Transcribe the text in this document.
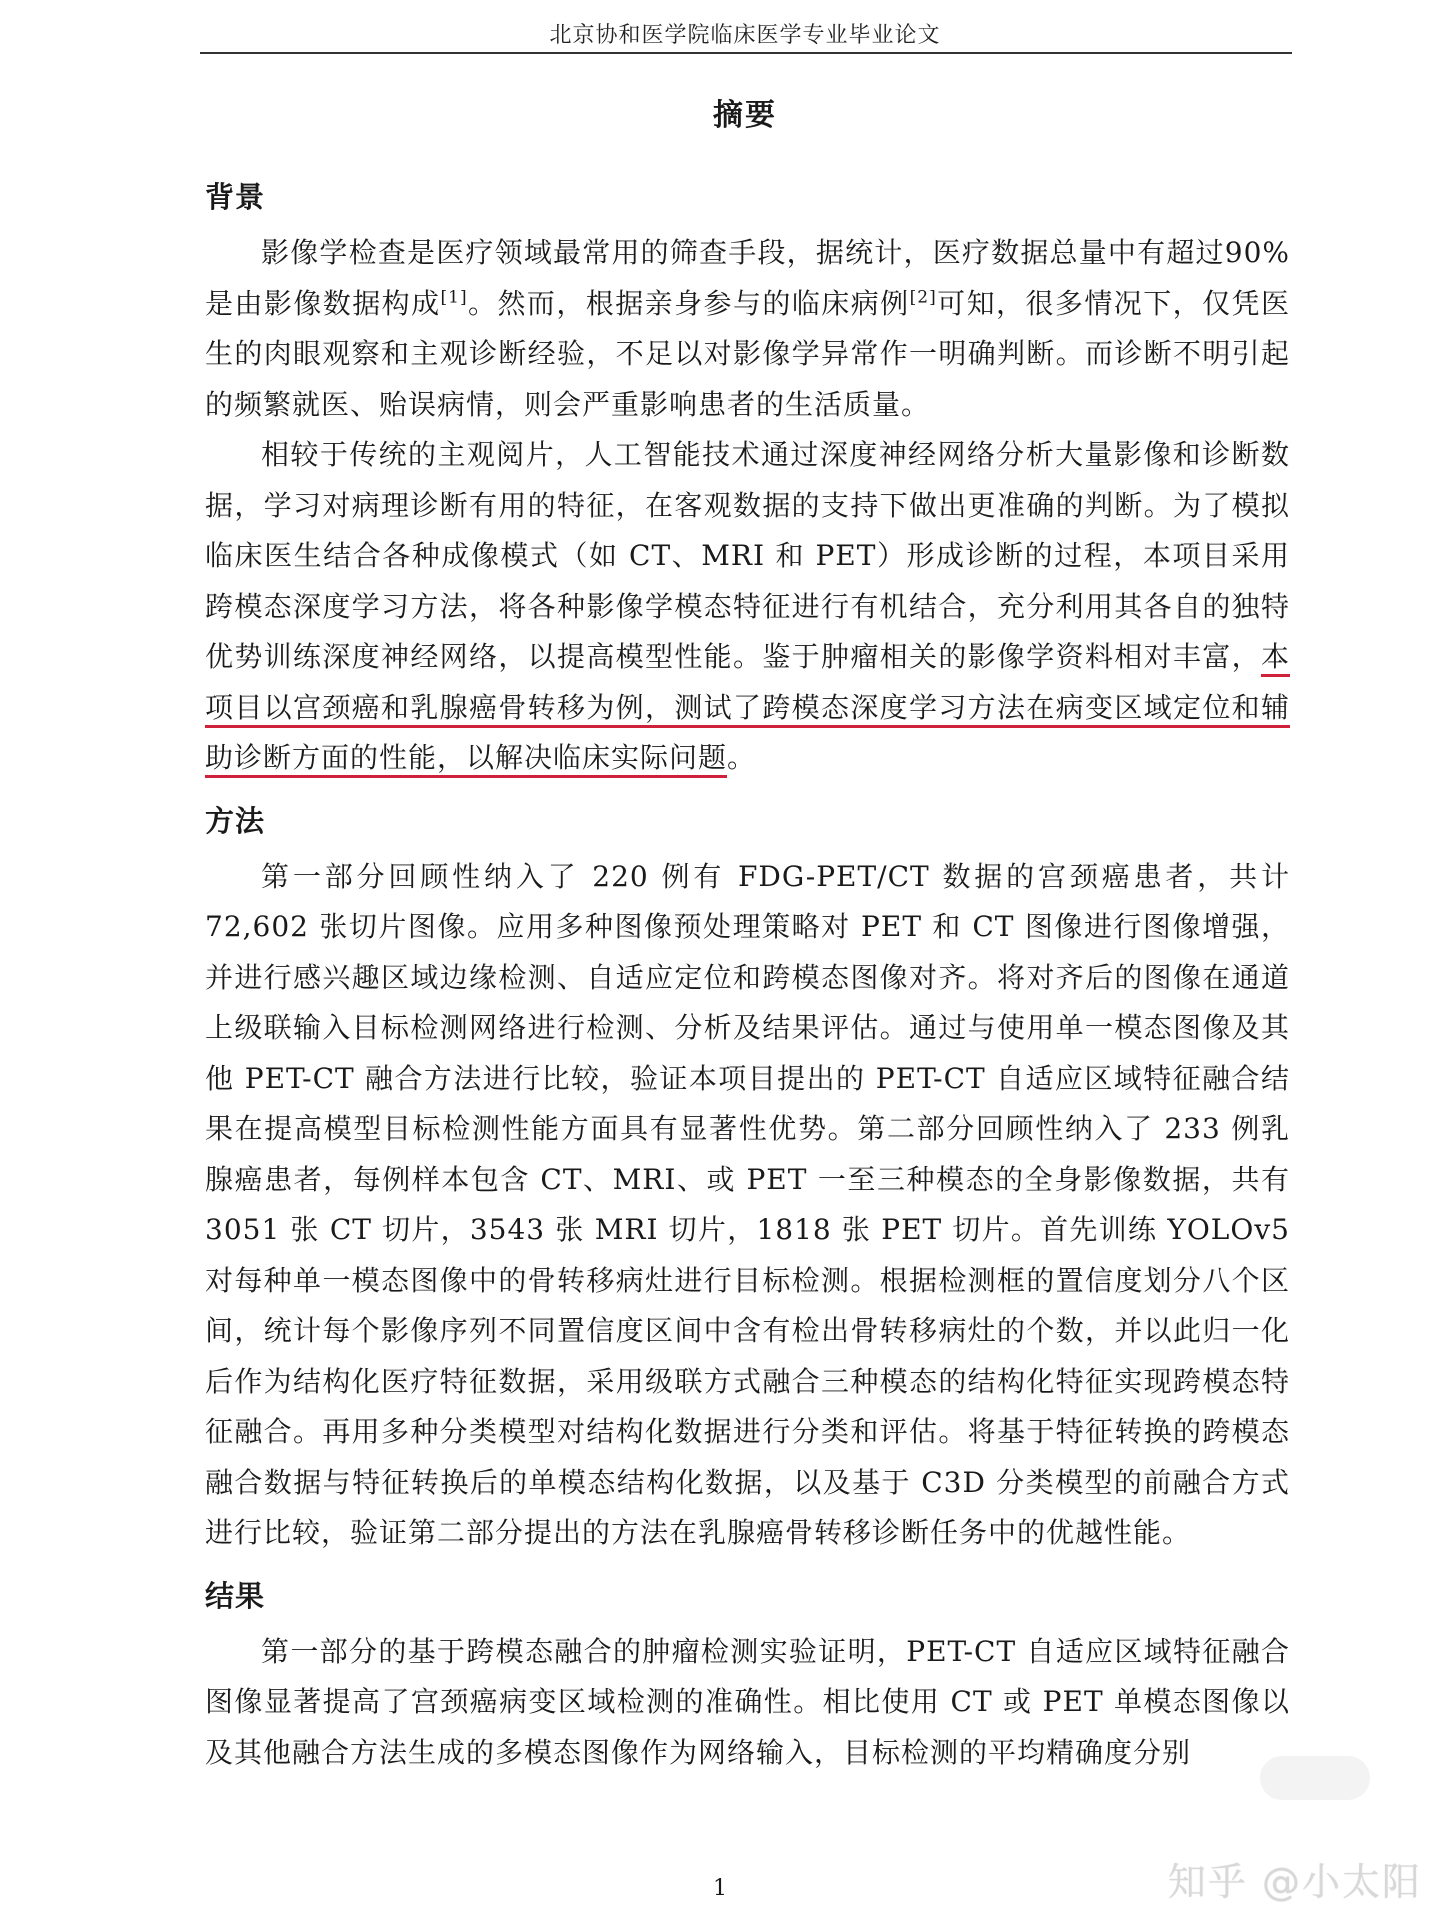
北京协和医学院临床医学专业毕业论文
摘要
背景

影像学检查是医疗领域最常用的筛查手段，据统计，医疗数据总量中有超过90%是由影像数据构成[1]。然而，根据亲身参与的临床病例[2]可知，很多情况下，仅凭医生的肉眼观察和主观诊断经验，不足以对影像学异常作一明确判断。而诊断不明引起的频繁就医、贻误病情，则会严重影响患者的生活质量。

相较于传统的主观阅片，人工智能技术通过深度神经网络分析大量影像和诊断数据，学习对病理诊断有用的特征，在客观数据的支持下做出更准确的判断。为了模拟临床医生结合各种成像模式（如 CT、MRI 和 PET）形成诊断的过程，本项目采用跨模态深度学习方法，将各种影像学模态特征进行有机结合，充分利用其各自的独特优势训练深度神经网络，以提高模型性能。鉴于肿瘤相关的影像学资料相对丰富，本项目以宫颈癌和乳腺癌骨转移为例，测试了跨模态深度学习方法在病变区域定位和辅助诊断方面的性能，以解决临床实际问题。

方法

第一部分回顾性纳入了 220 例有 FDG-PET/CT 数据的宫颈癌患者，共计 72,602 张切片图像。应用多种图像预处理策略对 PET 和 CT 图像进行图像增强，并进行感兴趣区域边缘检测、自适应定位和跨模态图像对齐。将对齐后的图像在通道上级联输入目标检测网络进行检测、分析及结果评估。通过与使用单一模态图像及其他 PET-CT 融合方法进行比较，验证本项目提出的 PET-CT 自适应区域特征融合结果在提高模型目标检测性能方面具有显著性优势。第二部分回顾性纳入了 233 例乳腺癌患者，每例样本包含 CT、MRI、或 PET 一至三种模态的全身影像数据，共有 3051 张 CT 切片，3543 张 MRI 切片，1818 张 PET 切片。首先训练 YOLOv5 对每种单一模态图像中的骨转移病灶进行目标检测。根据检测框的置信度划分八个区间，统计每个影像序列不同置信度区间中含有检出骨转移病灶的个数，并以此归一化后作为结构化医疗特征数据，采用级联方式融合三种模态的结构化特征实现跨模态特征融合。再用多种分类模型对结构化数据进行分类和评估。将基于特征转换的跨模态融合数据与特征转换后的单模态结构化数据，以及基于 C3D 分类模型的前融合方式进行比较，验证第二部分提出的方法在乳腺癌骨转移诊断任务中的优越性能。

结果

第一部分的基于跨模态融合的肿瘤检测实验证明，PET-CT 自适应区域特征融合图像显著提高了宫颈癌病变区域检测的准确性。相比使用 CT 或 PET 单模态图像以及其他融合方法生成的多模态图像作为网络输入，目标检测的平均精确度分别

1	知乎 @小太阳
